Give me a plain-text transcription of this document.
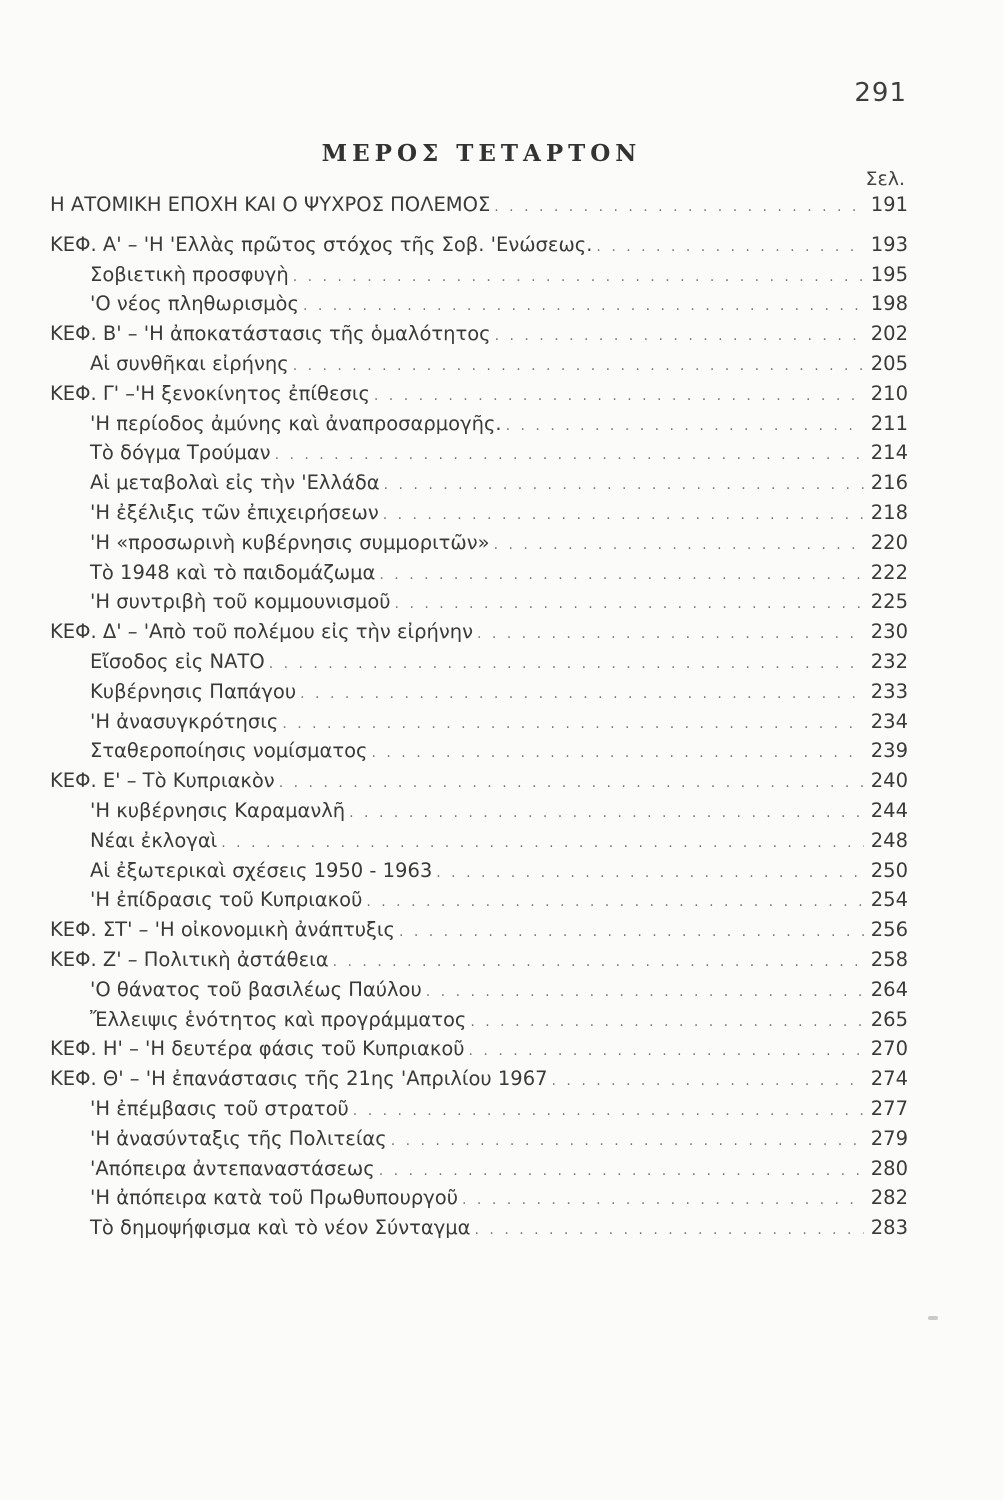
291
ΜΕΡΟΣ ΤΕΤΑΡΤΟΝ
Σελ.
Η ΑΤΟΜΙΚΗ ΕΠΟΧΗ ΚΑΙ Ο ΨΥΧΡΟΣ ΠΟΛΕΜΟΣ . . .	191
ΚΕΦ. Α' – 'Η 'Ελλὰς πρῶτος στόχος τῆς Σοβ. 'Ενώσεως. . . .	193
Σοβιετικὴ προσφυγὴ . . .	195
'Ο νέος πληθωρισμὸς . . .	198
ΚΕΦ. Β' – 'Η ἀποκατάστασις τῆς ὁμαλότητος . . .	202
Αἱ συνθῆκαι εἰρήνης . . .	205
ΚΕΦ. Γ' –'Η ξενοκίνητος ἐπίθεσις . . .	210
'Η περίοδος ἀμύνης καὶ ἀναπροσαρμογῆς. . . .	211
Τὸ δόγμα Τρούμαν . . .	214
Αἱ μεταβολαὶ εἰς τὴν 'Ελλάδα . . .	216
'Η ἐξέλιξις τῶν ἐπιχειρήσεων . . .	218
'Η «προσωρινὴ κυβέρνησις συμμοριτῶν» . . .	220
Τὸ 1948 καὶ τὸ παιδομάζωμα . . .	222
'Η συντριβὴ τοῦ κομμουνισμοῦ . . .	225
ΚΕΦ. Δ' – 'Απὸ τοῦ πολέμου εἰς τὴν εἰρήνην . . .	230
Εἴσοδος εἰς ΝΑΤΟ . . .	232
Κυβέρνησις Παπάγου . . .	233
'Η ἀνασυγκρότησις . . .	234
Σταθεροποίησις νομίσματος . . .	239
ΚΕΦ. Ε' – Τὸ Κυπριακὸν . . .	240
'Η κυβέρνησις Καραμανλῆ . . .	244
Νέαι ἐκλογαὶ . . .	248
Αἱ ἐξωτερικαὶ σχέσεις 1950 - 1963 . . .	250
'Η ἐπίδρασις τοῦ Κυπριακοῦ . . .	254
ΚΕΦ. ΣΤ' – 'Η οἰκονομικὴ ἀνάπτυξις . . .	256
ΚΕΦ. Ζ' – Πολιτικὴ ἀστάθεια . . .	258
'Ο θάνατος τοῦ βασιλέως Παύλου . . .	264
Ἔλλειψις ἑνότητος καὶ προγράμματος . . .	265
ΚΕΦ. Η' – 'Η δευτέρα φάσις τοῦ Κυπριακοῦ . . .	270
ΚΕΦ. Θ' – 'Η ἐπανάστασις τῆς 21ης 'Απριλίου 1967 . . .	274
'Η ἐπέμβασις τοῦ στρατοῦ . . .	277
'Η ἀνασύνταξις τῆς Πολιτείας . . .	279
'Απόπειρα ἀντεπαναστάσεως . . .	280
'Η ἀπόπειρα κατὰ τοῦ Πρωθυπουργοῦ . . .	282
Τὸ δημοψήφισμα καὶ τὸ νέον Σύνταγμα . . .	283
